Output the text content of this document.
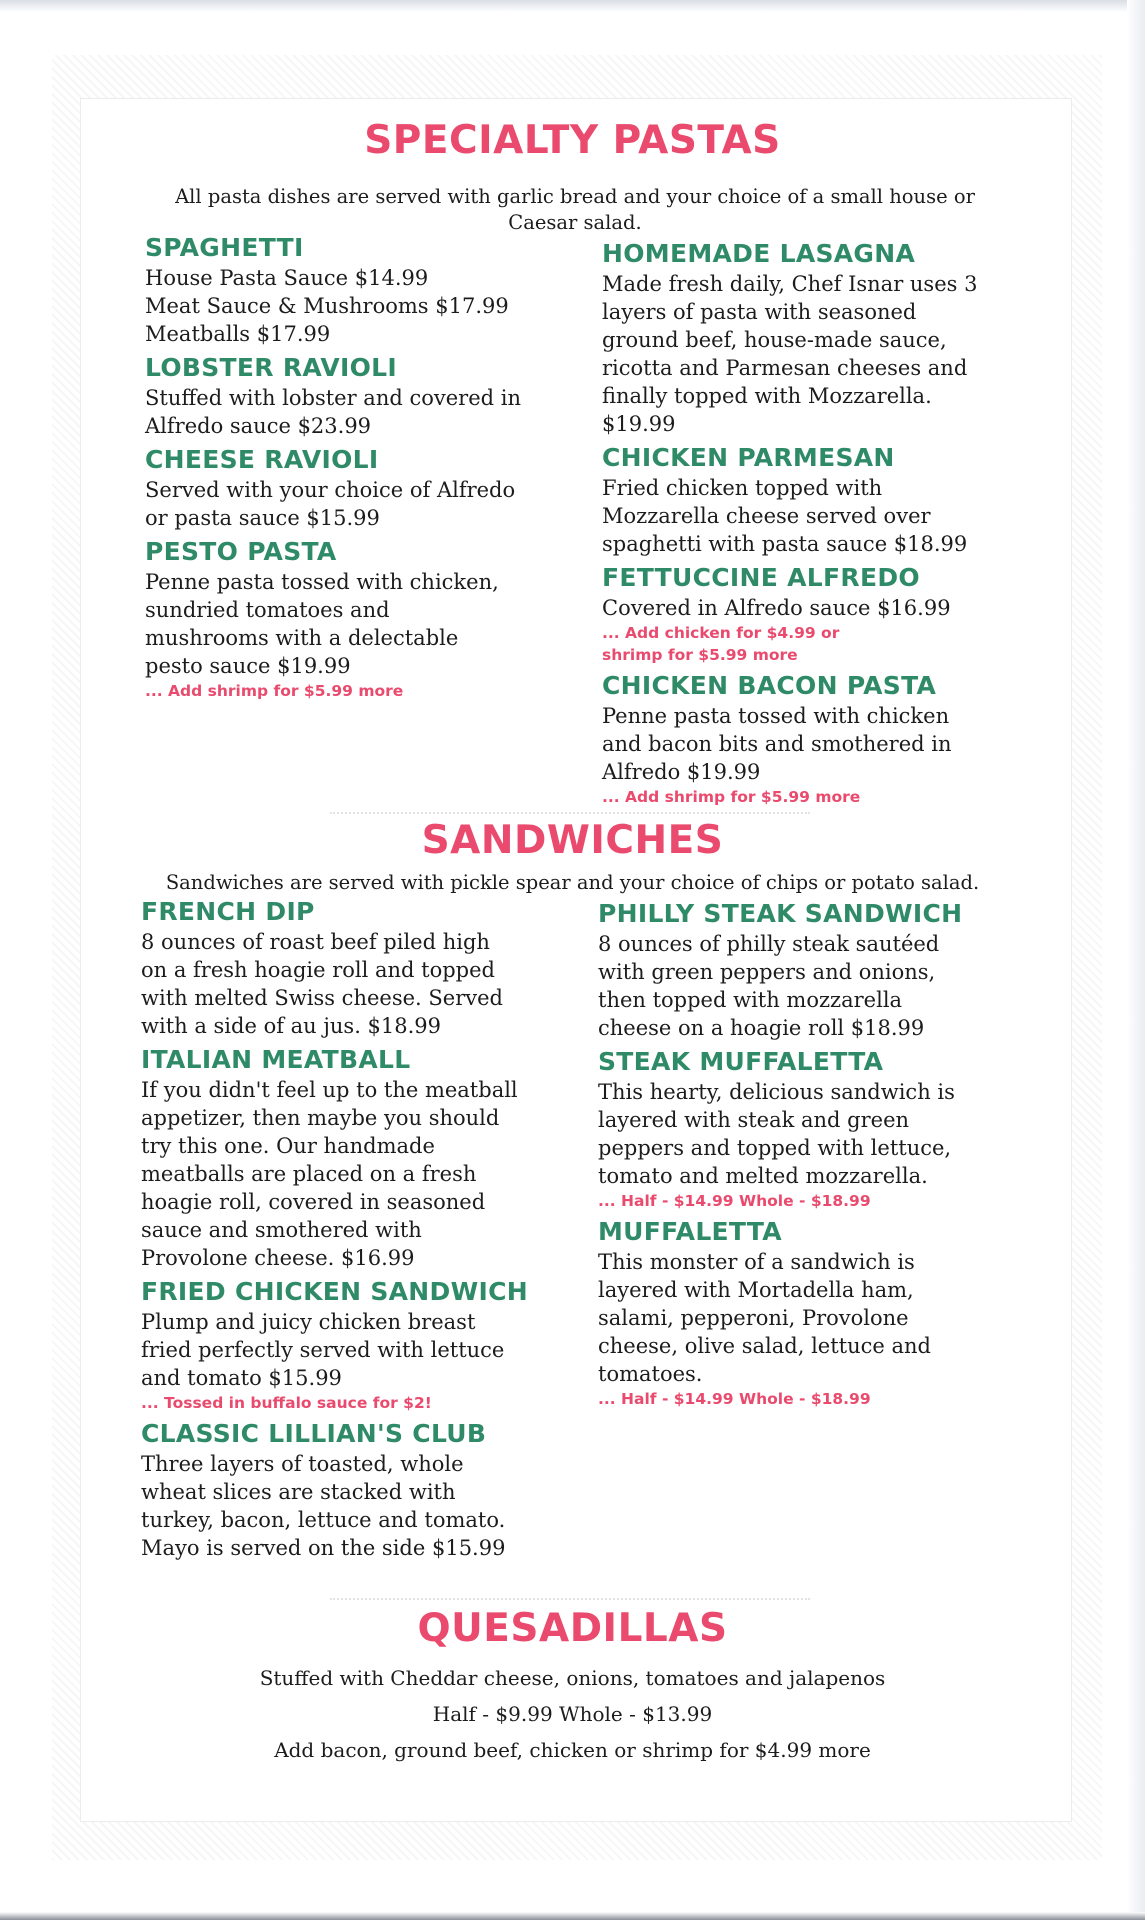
SPECIALTY PASTAS

All pasta dishes are served with garlic bread and your choice of a small house or Caesar salad.

SPAGHETTI

House Pasta Sauce $14.99

Meat Sauce & Mushrooms $17.99

Meatballs $17.99

LOBSTER RAVIOLI

Stuffed with lobster and covered in

Alfredo sauce $23.99

CHEESE RAVIOLI

Served with your choice of Alfredo

or pasta sauce $15.99

PESTO PASTA

Penne pasta tossed with chicken,

sundried tomatoes and

mushrooms with a delectable

pesto sauce $19.99

... Add shrimp for $5.99 more

HOMEMADE LASAGNA

Made fresh daily, Chef Isnar uses 3

layers of pasta with seasoned

ground beef, house-made sauce,

ricotta and Parmesan cheeses and

finally topped with Mozzarella.

$19.99

CHICKEN PARMESAN

Fried chicken topped with

Mozzarella cheese served over

spaghetti with pasta sauce $18.99

FETTUCCINE ALFREDO

Covered in Alfredo sauce $16.99

... Add chicken for $4.99 or

shrimp for $5.99 more

CHICKEN BACON PASTA

Penne pasta tossed with chicken

and bacon bits and smothered in

Alfredo $19.99

... Add shrimp for $5.99 more

SANDWICHES

Sandwiches are served with pickle spear and your choice of chips or potato salad.

FRENCH DIP

8 ounces of roast beef piled high

on a fresh hoagie roll and topped

with melted Swiss cheese. Served

with a side of au jus. $18.99

ITALIAN MEATBALL

If you didn't feel up to the meatball

appetizer, then maybe you should

try this one. Our handmade

meatballs are placed on a fresh

hoagie roll, covered in seasoned

sauce and smothered with

Provolone cheese. $16.99

FRIED CHICKEN SANDWICH

Plump and juicy chicken breast

fried perfectly served with lettuce

and tomato $15.99

... Tossed in buffalo sauce for $2!

CLASSIC LILLIAN'S CLUB

Three layers of toasted, whole

wheat slices are stacked with

turkey, bacon, lettuce and tomato.

Mayo is served on the side $15.99

PHILLY STEAK SANDWICH

8 ounces of philly steak sautéed

with green peppers and onions,

then topped with mozzarella

cheese on a hoagie roll $18.99

STEAK MUFFALETTA

This hearty, delicious sandwich is

layered with steak and green

peppers and topped with lettuce,

tomato and melted mozzarella.

... Half - $14.99 Whole - $18.99

MUFFALETTA

This monster of a sandwich is

layered with Mortadella ham,

salami, pepperoni, Provolone

cheese, olive salad, lettuce and

tomatoes.

... Half - $14.99 Whole - $18.99

QUESADILLAS

Stuffed with Cheddar cheese, onions, tomatoes and jalapenos

Half - $9.99 Whole - $13.99

Add bacon, ground beef, chicken or shrimp for $4.99 more
